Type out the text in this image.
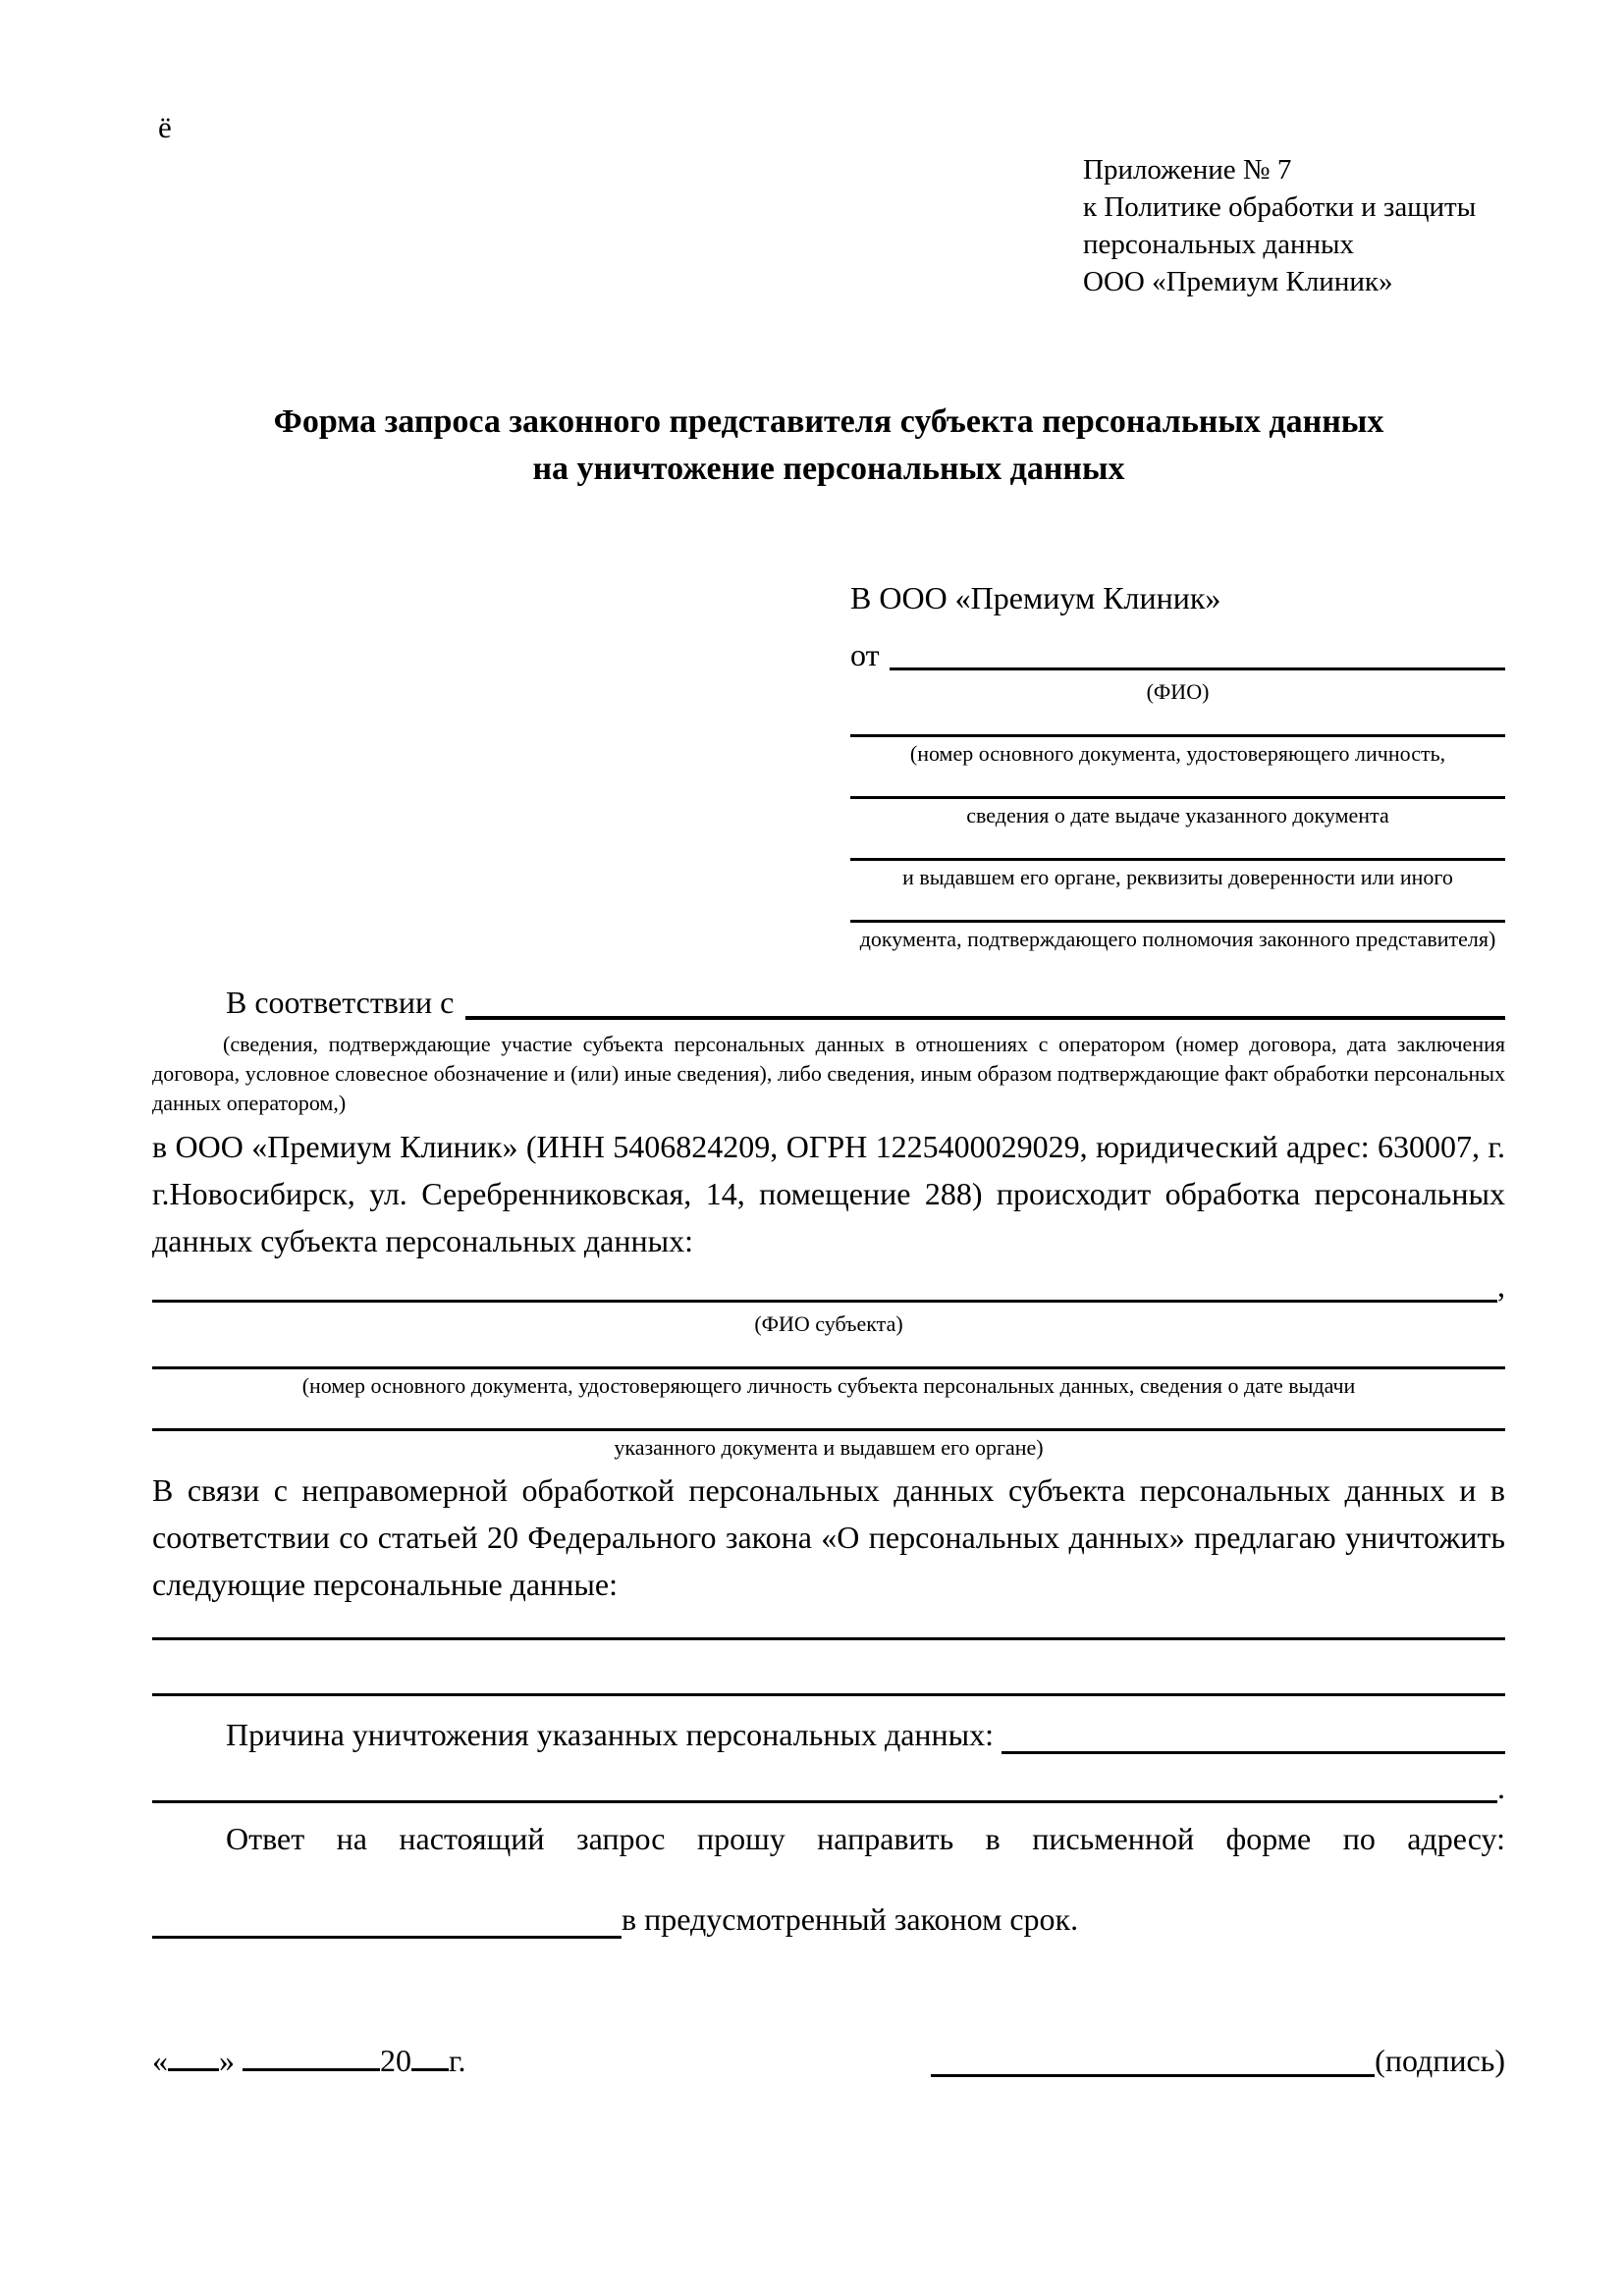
ё
Приложение № 7
к Политике обработки и защиты
персональных данных
ООО «Премиум Клиник»
Форма запроса законного представителя субъекта персональных данных
на уничтожение персональных данных
В ООО «Премиум Клиник»
от
(ФИО)
(номер основного документа, удостоверяющего личность,
сведения о дате выдаче указанного документа
и выдавшем его органе, реквизиты доверенности или иного
документа, подтверждающего полномочия законного представителя)
В соответствии с
(сведения, подтверждающие участие субъекта персональных данных в отношениях с оператором (номер договора, дата заключения договора, условное словесное обозначение и (или) иные сведения), либо сведения, иным образом подтверждающие факт обработки персональных данных оператором,)

в ООО «Премиум Клиник» (ИНН 5406824209, ОГРН 1225400029029, юридический адрес: 630007, г. г.Новосибирск, ул. Серебренниковская, 14, помещение 288) происходит обработка персональных данных субъекта персональных данных:

,
(ФИО субъекта)
(номер основного документа, удостоверяющего личность субъекта персональных данных, сведения о дате выдачи
указанного документа и выдавшем его органе)

В связи с неправомерной обработкой персональных данных субъекта персональных данных и в соответствии со статьей 20 Федерального закона «О персональных данных» предлагаю уничтожить следующие персональные данные:

Причина уничтожения указанных персональных данных:
.

Ответ на настоящий запрос прошу направить в письменной форме по адресу:

в предусмотренный законом срок.
« »	20 г.	(подпись)
